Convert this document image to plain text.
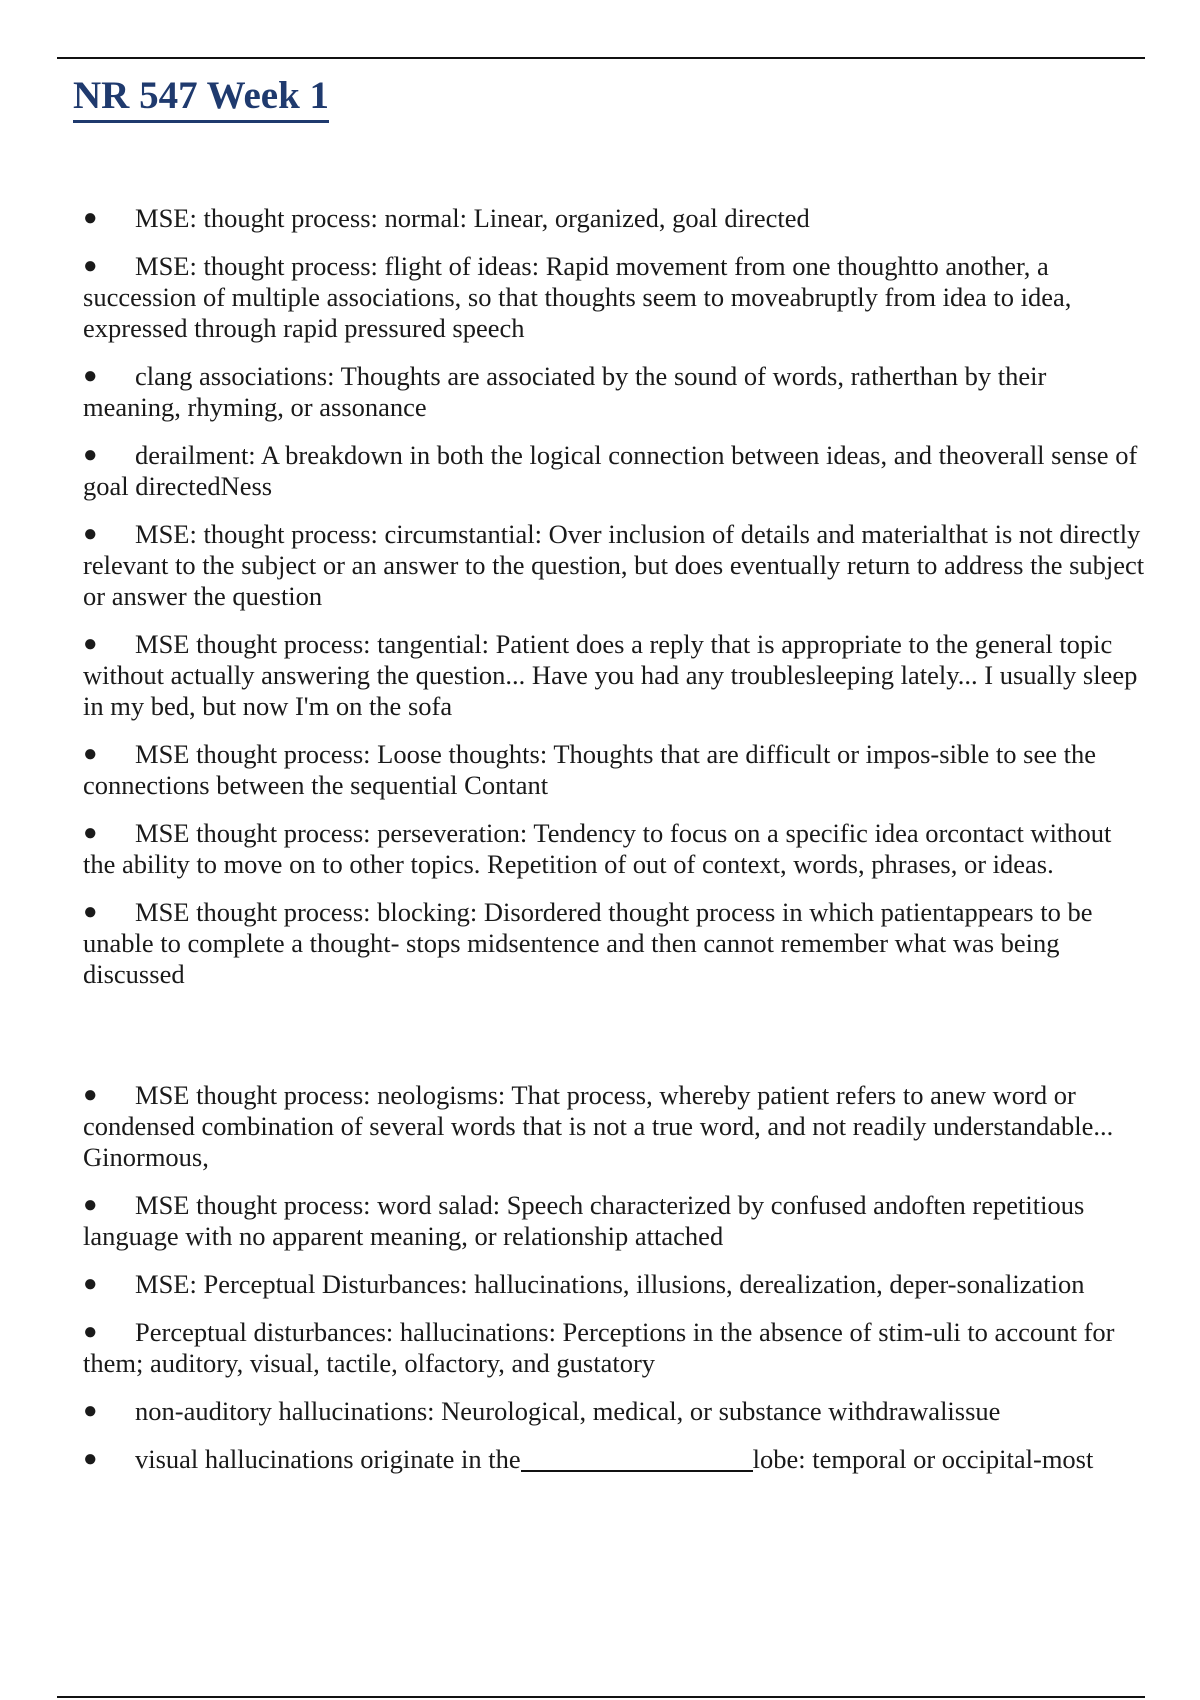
NR 547 Week 1
● MSE: thought process: normal: Linear, organized, goal directed
● MSE: thought process: flight of ideas: Rapid movement from one thoughtto another, a succession of multiple associations, so that thoughts seem to moveabruptly from idea to idea, expressed through rapid pressured speech
● clang associations: Thoughts are associated by the sound of words, ratherthan by their meaning, rhyming, or assonance
● derailment: A breakdown in both the logical connection between ideas, and theoverall sense of goal directedNess
● MSE: thought process: circumstantial: Over inclusion of details and materialthat is not directly relevant to the subject or an answer to the question, but does eventually return to address the subject or answer the question
● MSE thought process: tangential: Patient does a reply that is appropriate to the general topic without actually answering the question... Have you had any troublesleeping lately... I usually sleep in my bed, but now I'm on the sofa
● MSE thought process: Loose thoughts: Thoughts that are difficult or impos-sible to see the connections between the sequential Contant
● MSE thought process: perseveration: Tendency to focus on a specific idea orcontact without the ability to move on to other topics. Repetition of out of context, words, phrases, or ideas.
● MSE thought process: blocking: Disordered thought process in which patientappears to be unable to complete a thought- stops midsentence and then cannot remember what was being discussed
● MSE thought process: neologisms: That process, whereby patient refers to anew word or condensed combination of several words that is not a true word, and not readily understandable... Ginormous,
● MSE thought process: word salad: Speech characterized by confused andoften repetitious language with no apparent meaning, or relationship attached
● MSE: Perceptual Disturbances: hallucinations, illusions, derealization, deper-sonalization
● Perceptual disturbances: hallucinations: Perceptions in the absence of stim-uli to account for them; auditory, visual, tactile, olfactory, and gustatory
● non-auditory hallucinations: Neurological, medical, or substance withdrawalissue
● visual hallucinations originate in the	lobe: temporal or occipital-most
